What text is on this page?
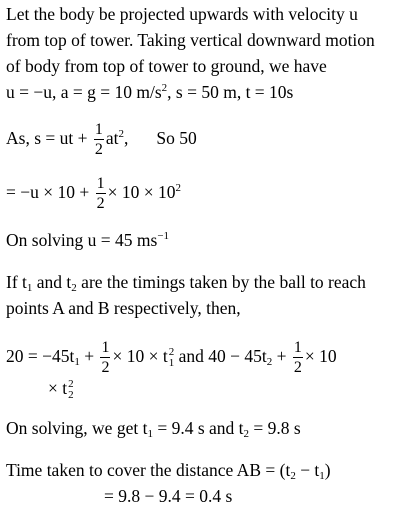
Let the body be projected upwards with velocity u
from top of tower. Taking vertical downward motion
of body from top of tower to ground, we have
u = −u, a = g = 10 $m/s^2$, s = 50 m, t = 10s
As, s = ut + $\frac{1}{2} at^2$, So 50
= $-u \times 10 + \frac{1}{2} \times 10 \times 10^2$
On solving u = 45 $ms^{-1}$
If $t_1$ and $t_2$ are the timings taken by the ball to reach
points A and B respectively, then,
$20 = -45t_1 + \frac{1}{2} \times 10 \times t$ 2
1 and $40 - 45t_2 + \frac{1}{2} \times 10$
× t 2
2
On solving, we get $t_1 = 9.4$ s and $t_2 = 9.8$ s
Time taken to cover the distance AB = $(t_2 - t_1)$
= 9.8 − 9.4 = 0.4 s
